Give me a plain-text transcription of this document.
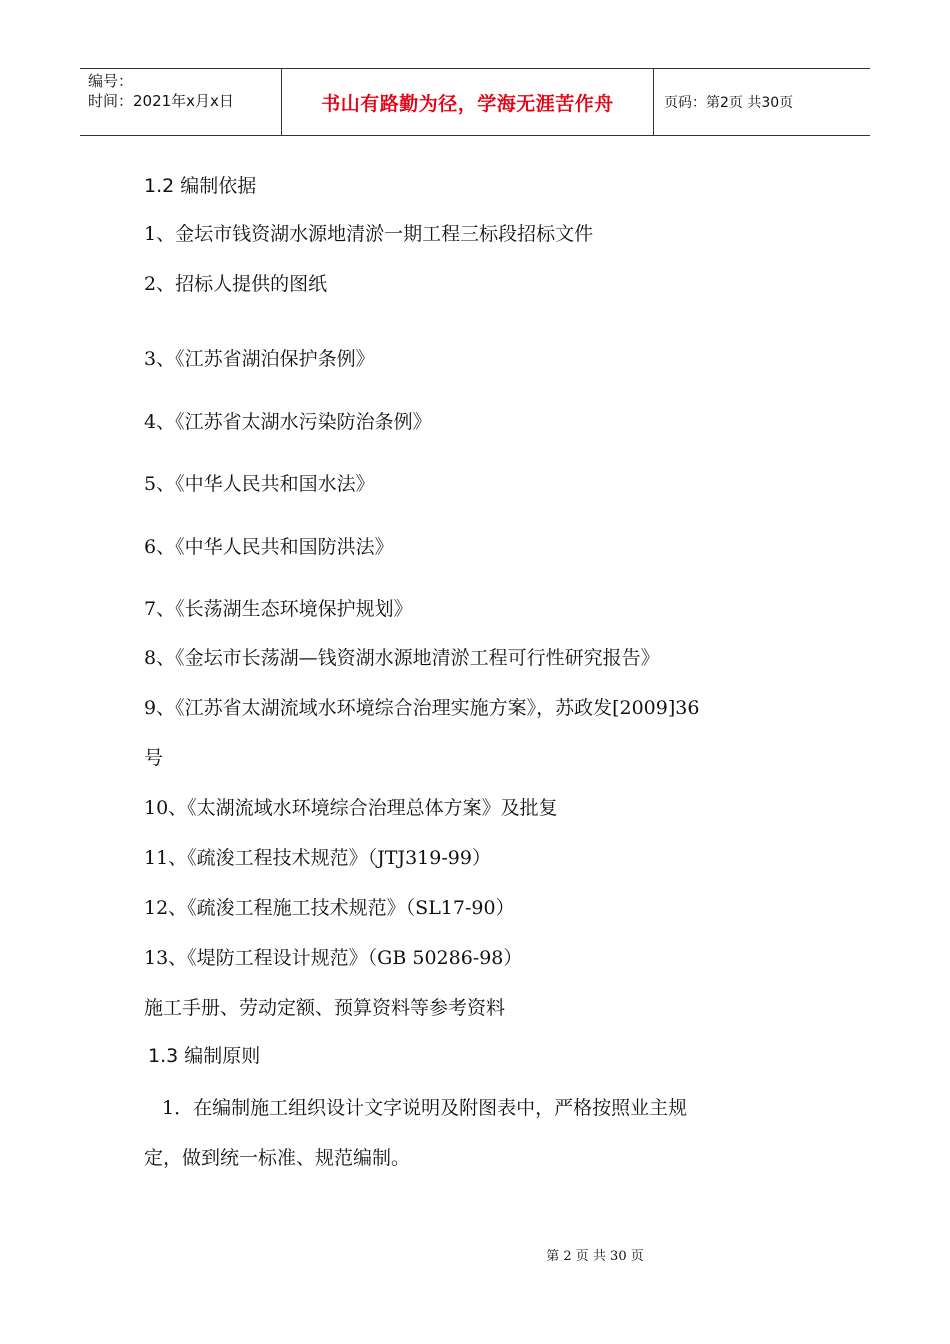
编号：
时间：2021年x月x日	书山有路勤为径，学海无涯苦作舟	页码：第2页 共30页
1.2 编制依据
1、金坛市钱资湖水源地清淤一期工程三标段招标文件
2、招标人提供的图纸
3、《江苏省湖泊保护条例》
4、《江苏省太湖水污染防治条例》
5、《中华人民共和国水法》
6、《中华人民共和国防洪法》
7、《长荡湖生态环境保护规划》
8、《金坛市长荡湖—钱资湖水源地清淤工程可行性研究报告》
9、《江苏省太湖流域水环境综合治理实施方案》，苏政发[2009]36
号
10、《太湖流域水环境综合治理总体方案》及批复
11、《疏浚工程技术规范》（JTJ319-99）
12、《疏浚工程施工技术规范》（SL17-90）
13、《堤防工程设计规范》（GB 50286-98）
施工手册、劳动定额、预算资料等参考资料
1.3 编制原则
1．在编制施工组织设计文字说明及附图表中，严格按照业主规
定，做到统一标准、规范编制。
第 2 页 共 30 页
